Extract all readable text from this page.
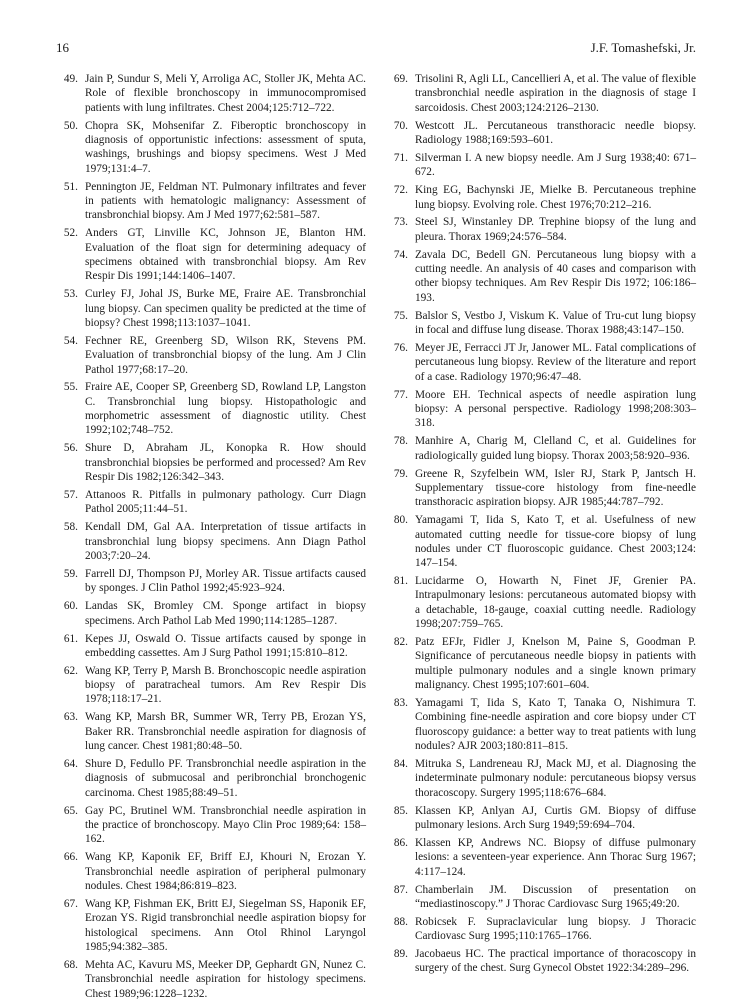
16	J.F. Tomashefski, Jr.
49. Jain P, Sundur S, Meli Y, Arroliga AC, Stoller JK, Mehta AC. Role of flexible bronchoscopy in immunocompromised patients with lung infiltrates. Chest 2004;125:712–722.
50. Chopra SK, Mohsenifar Z. Fiberoptic bronchoscopy in diagnosis of opportunistic infections: assessment of sputa, washings, brushings and biopsy specimens. West J Med 1979;131:4–7.
51. Pennington JE, Feldman NT. Pulmonary infiltrates and fever in patients with hematologic malignancy: Assessment of transbronchial biopsy. Am J Med 1977;62:581–587.
52. Anders GT, Linville KC, Johnson JE, Blanton HM. Evaluation of the float sign for determining adequacy of specimens obtained with transbronchial biopsy. Am Rev Respir Dis 1991;144:1406–1407.
53. Curley FJ, Johal JS, Burke ME, Fraire AE. Transbronchial lung biopsy. Can specimen quality be predicted at the time of biopsy? Chest 1998;113:1037–1041.
54. Fechner RE, Greenberg SD, Wilson RK, Stevens PM. Evaluation of transbronchial biopsy of the lung. Am J Clin Pathol 1977;68:17–20.
55. Fraire AE, Cooper SP, Greenberg SD, Rowland LP, Langston C. Transbronchial lung biopsy. Histopathologic and morphometric assessment of diagnostic utility. Chest 1992;102;748–752.
56. Shure D, Abraham JL, Konopka R. How should transbronchial biopsies be performed and processed? Am Rev Respir Dis 1982;126:342–343.
57. Attanoos R. Pitfalls in pulmonary pathology. Curr Diagn Pathol 2005;11:44–51.
58. Kendall DM, Gal AA. Interpretation of tissue artifacts in transbronchial lung biopsy specimens. Ann Diagn Pathol 2003;7:20–24.
59. Farrell DJ, Thompson PJ, Morley AR. Tissue artifacts caused by sponges. J Clin Pathol 1992;45:923–924.
60. Landas SK, Bromley CM. Sponge artifact in biopsy specimens. Arch Pathol Lab Med 1990;114:1285–1287.
61. Kepes JJ, Oswald O. Tissue artifacts caused by sponge in embedding cassettes. Am J Surg Pathol 1991;15:810–812.
62. Wang KP, Terry P, Marsh B. Bronchoscopic needle aspiration biopsy of paratracheal tumors. Am Rev Respir Dis 1978;118:17–21.
63. Wang KP, Marsh BR, Summer WR, Terry PB, Erozan YS, Baker RR. Transbronchial needle aspiration for diagnosis of lung cancer. Chest 1981;80:48–50.
64. Shure D, Fedullo PF. Transbronchial needle aspiration in the diagnosis of submucosal and peribronchial bronchogenic carcinoma. Chest 1985;88:49–51.
65. Gay PC, Brutinel WM. Transbronchial needle aspiration in the practice of bronchoscopy. Mayo Clin Proc 1989;64: 158–162.
66. Wang KP, Kaponik EF, Briff EJ, Khouri N, Erozan Y. Transbronchial needle aspiration of peripheral pulmonary nodules. Chest 1984;86:819–823.
67. Wang KP, Fishman EK, Britt EJ, Siegelman SS, Haponik EF, Erozan YS. Rigid transbronchial needle aspiration biopsy for histological specimens. Ann Otol Rhinol Laryngol 1985;94:382–385.
68. Mehta AC, Kavuru MS, Meeker DP, Gephardt GN, Nunez C. Transbronchial needle aspiration for histology specimens. Chest 1989;96:1228–1232.
69. Trisolini R, Agli LL, Cancellieri A, et al. The value of flexible transbronchial needle aspiration in the diagnosis of stage I sarcoidosis. Chest 2003;124:2126–2130.
70. Westcott JL. Percutaneous transthoracic needle biopsy. Radiology 1988;169:593–601.
71. Silverman I. A new biopsy needle. Am J Surg 1938;40: 671–672.
72. King EG, Bachynski JE, Mielke B. Percutaneous trephine lung biopsy. Evolving role. Chest 1976;70:212–216.
73. Steel SJ, Winstanley DP. Trephine biopsy of the lung and pleura. Thorax 1969;24:576–584.
74. Zavala DC, Bedell GN. Percutaneous lung biopsy with a cutting needle. An analysis of 40 cases and comparison with other biopsy techniques. Am Rev Respir Dis 1972; 106:186–193.
75. Balslor S, Vestbo J, Viskum K. Value of Tru-cut lung biopsy in focal and diffuse lung disease. Thorax 1988;43:147–150.
76. Meyer JE, Ferracci JT Jr, Janower ML. Fatal complications of percutaneous lung biopsy. Review of the literature and report of a case. Radiology 1970;96:47–48.
77. Moore EH. Technical aspects of needle aspiration lung biopsy: A personal perspective. Radiology 1998;208:303–318.
78. Manhire A, Charig M, Clelland C, et al. Guidelines for radiologically guided lung biopsy. Thorax 2003;58:920–936.
79. Greene R, Szyfelbein WM, Isler RJ, Stark P, Jantsch H. Supplementary tissue-core histology from fine-needle transthoracic aspiration biopsy. AJR 1985;44:787–792.
80. Yamagami T, Iida S, Kato T, et al. Usefulness of new automated cutting needle for tissue-core biopsy of lung nodules under CT fluoroscopic guidance. Chest 2003;124: 147–154.
81. Lucidarme O, Howarth N, Finet JF, Grenier PA. Intrapulmonary lesions: percutaneous automated biopsy with a detachable, 18-gauge, coaxial cutting needle. Radiology 1998;207:759–765.
82. Patz EFJr, Fidler J, Knelson M, Paine S, Goodman P. Significance of percutaneous needle biopsy in patients with multiple pulmonary nodules and a single known primary malignancy. Chest 1995;107:601–604.
83. Yamagami T, Iida S, Kato T, Tanaka O, Nishimura T. Combining fine-needle aspiration and core biopsy under CT fluoroscopy guidance: a better way to treat patients with lung nodules? AJR 2003;180:811–815.
84. Mitruka S, Landreneau RJ, Mack MJ, et al. Diagnosing the indeterminate pulmonary nodule: percutaneous biopsy versus thoracoscopy. Surgery 1995;118:676–684.
85. Klassen KP, Anlyan AJ, Curtis GM. Biopsy of diffuse pulmonary lesions. Arch Surg 1949;59:694–704.
86. Klassen KP, Andrews NC. Biopsy of diffuse pulmonary lesions: a seventeen-year experience. Ann Thorac Surg 1967; 4:117–124.
87. Chamberlain JM. Discussion of presentation on “mediastinoscopy.” J Thorac Cardiovasc Surg 1965;49:20.
88. Robicsek F. Supraclavicular lung biopsy. J Thoracic Cardiovasc Surg 1995;110:1765–1766.
89. Jacobaeus HC. The practical importance of thoracoscopy in surgery of the chest. Surg Gynecol Obstet 1922:34:289–296.
